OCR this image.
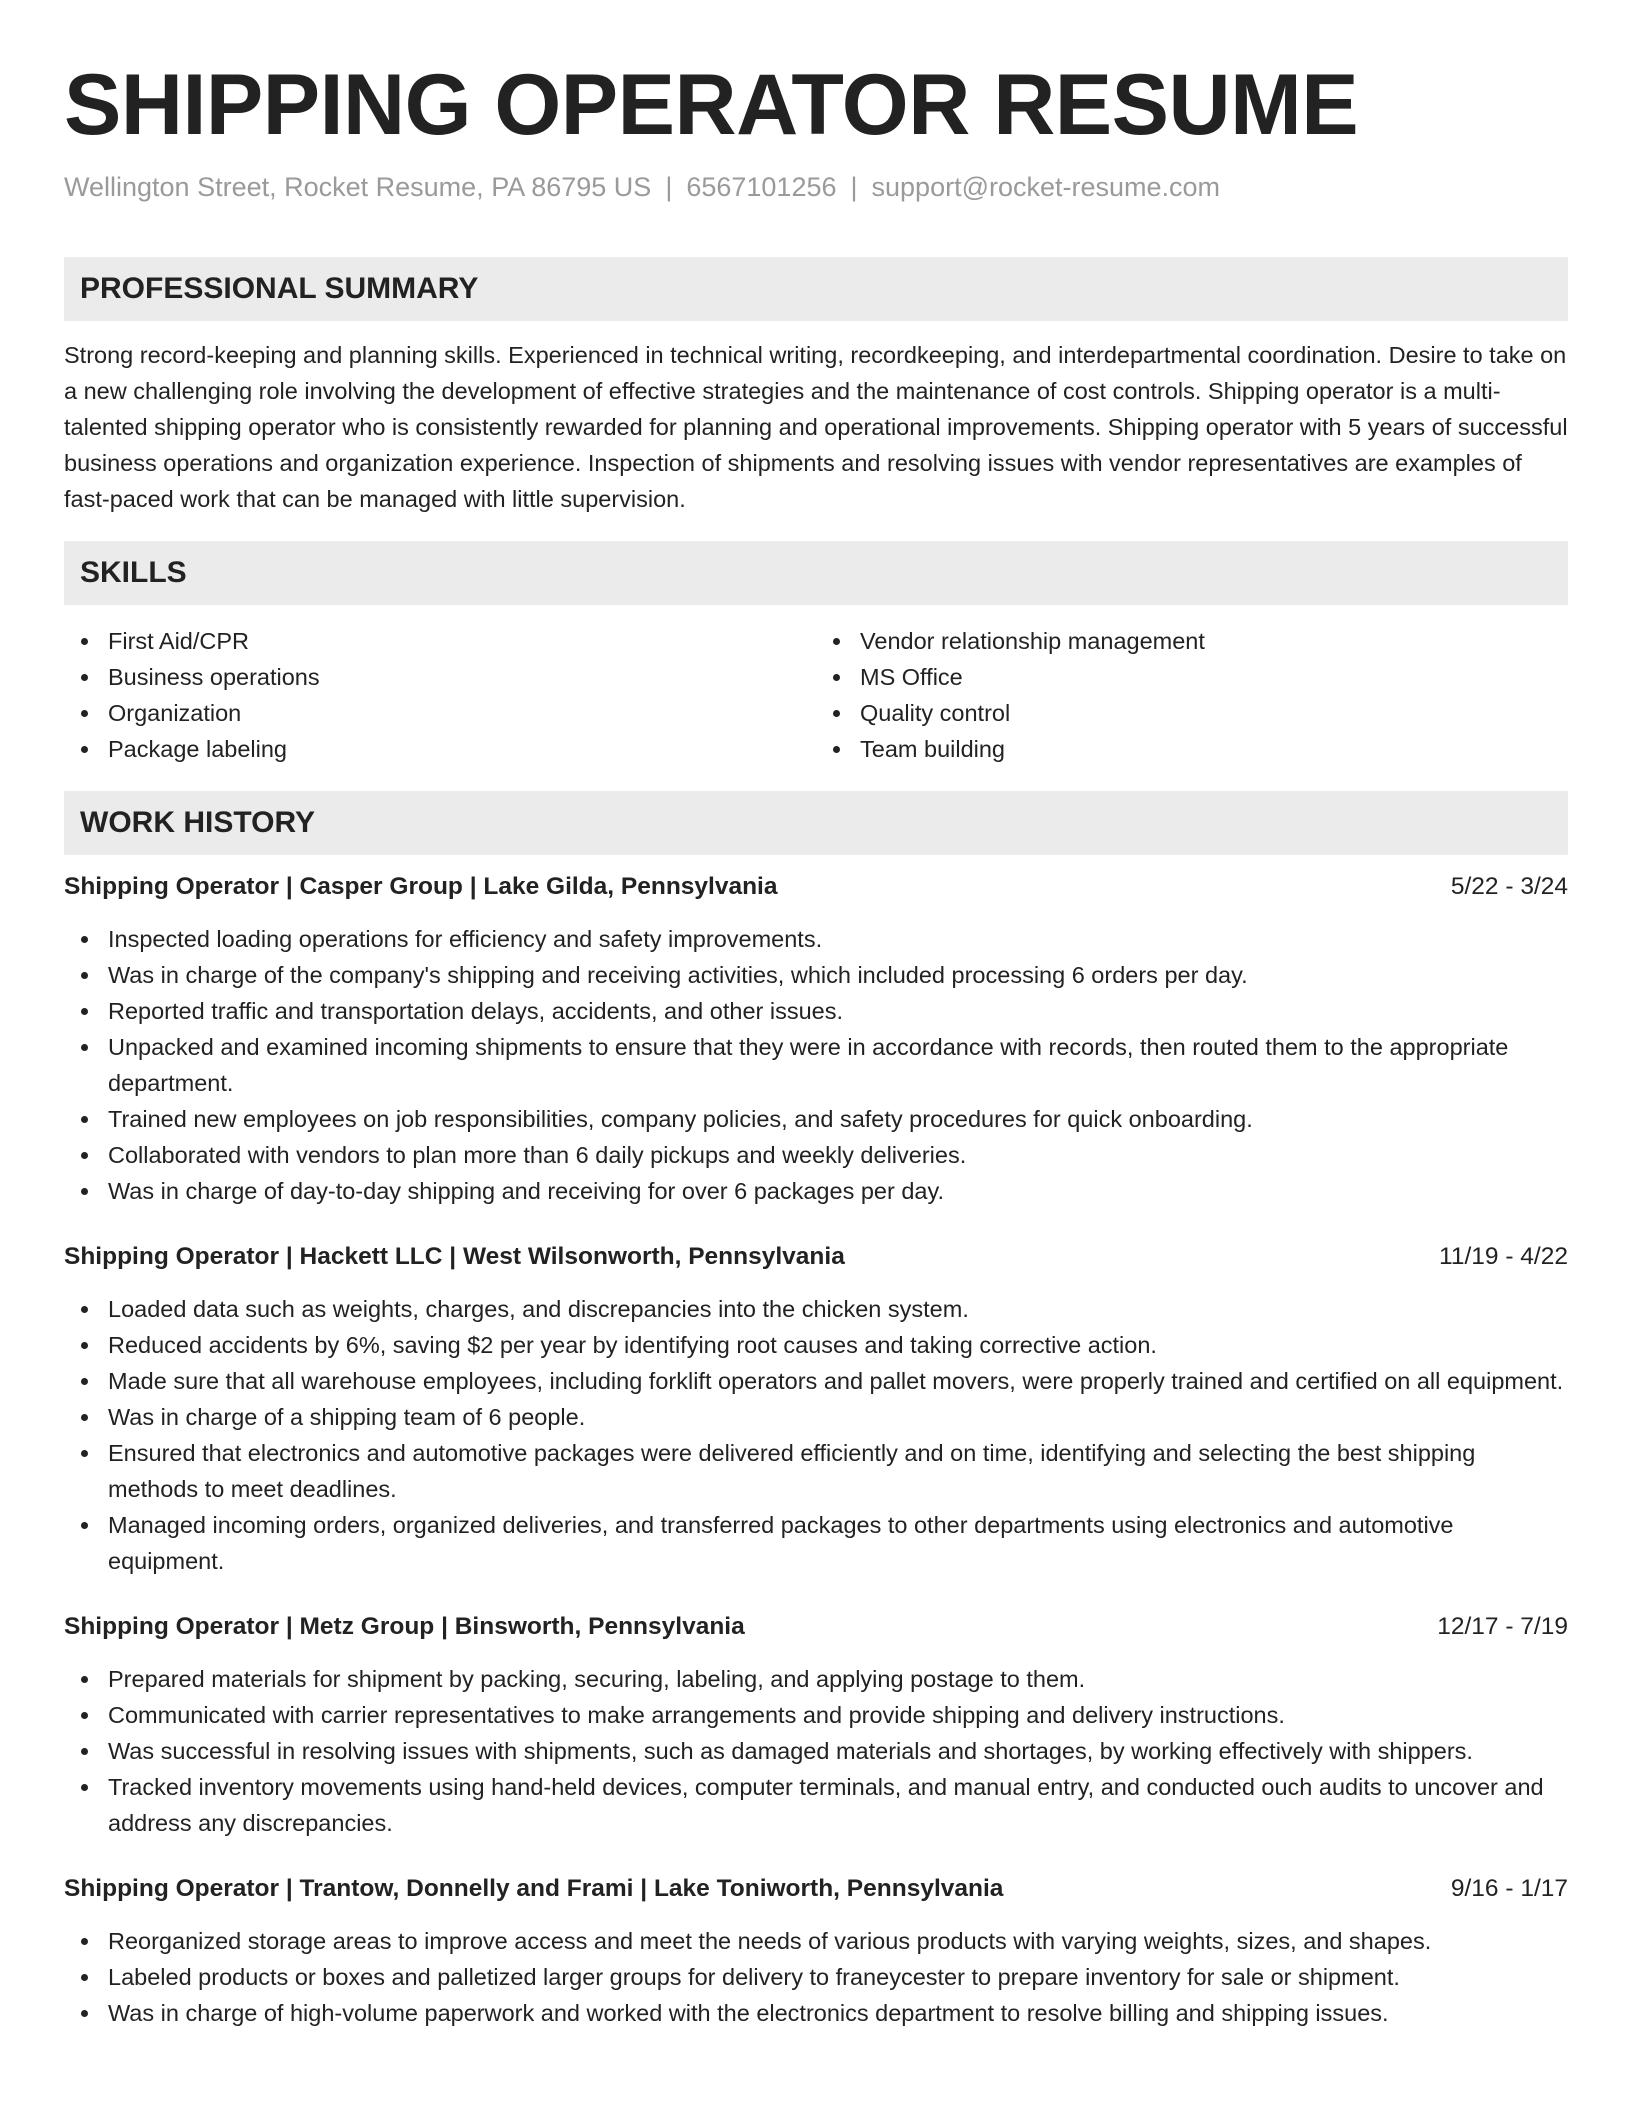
SHIPPING OPERATOR RESUME
Wellington Street, Rocket Resume, PA 86795 US | 6567101256 | support@rocket-resume.com
PROFESSIONAL SUMMARY

Strong record-keeping and planning skills. Experienced in technical writing, recordkeeping, and interdepartmental coordination. Desire to take on a new challenging role involving the development of effective strategies and the maintenance of cost controls. Shipping operator is a multi-talented shipping operator who is consistently rewarded for planning and operational improvements. Shipping operator with 5 years of successful business operations and organization experience. Inspection of shipments and resolving issues with vendor representatives are examples of fast-paced work that can be managed with little supervision.

SKILLS
First Aid/CPR
Business operations
Organization
Package labeling
Vendor relationship management
MS Office
Quality control
Team building
WORK HISTORY
Shipping Operator | Casper Group | Lake Gilda, Pennsylvania	5/22 - 3/24
Inspected loading operations for efficiency and safety improvements.
Was in charge of the company's shipping and receiving activities, which included processing 6 orders per day.
Reported traffic and transportation delays, accidents, and other issues.
Unpacked and examined incoming shipments to ensure that they were in accordance with records, then routed them to the appropriate department.
Trained new employees on job responsibilities, company policies, and safety procedures for quick onboarding.
Collaborated with vendors to plan more than 6 daily pickups and weekly deliveries.
Was in charge of day-to-day shipping and receiving for over 6 packages per day.
Shipping Operator | Hackett LLC | West Wilsonworth, Pennsylvania	11/19 - 4/22
Loaded data such as weights, charges, and discrepancies into the chicken system.
Reduced accidents by 6%, saving $2 per year by identifying root causes and taking corrective action.
Made sure that all warehouse employees, including forklift operators and pallet movers, were properly trained and certified on all equipment.
Was in charge of a shipping team of 6 people.
Ensured that electronics and automotive packages were delivered efficiently and on time, identifying and selecting the best shipping methods to meet deadlines.
Managed incoming orders, organized deliveries, and transferred packages to other departments using electronics and automotive equipment.
Shipping Operator | Metz Group | Binsworth, Pennsylvania	12/17 - 7/19
Prepared materials for shipment by packing, securing, labeling, and applying postage to them.
Communicated with carrier representatives to make arrangements and provide shipping and delivery instructions.
Was successful in resolving issues with shipments, such as damaged materials and shortages, by working effectively with shippers.
Tracked inventory movements using hand-held devices, computer terminals, and manual entry, and conducted ouch audits to uncover and address any discrepancies.
Shipping Operator | Trantow, Donnelly and Frami | Lake Toniworth, Pennsylvania	9/16 - 1/17
Reorganized storage areas to improve access and meet the needs of various products with varying weights, sizes, and shapes.
Labeled products or boxes and palletized larger groups for delivery to franeycester to prepare inventory for sale or shipment.
Was in charge of high-volume paperwork and worked with the electronics department to resolve billing and shipping issues.
